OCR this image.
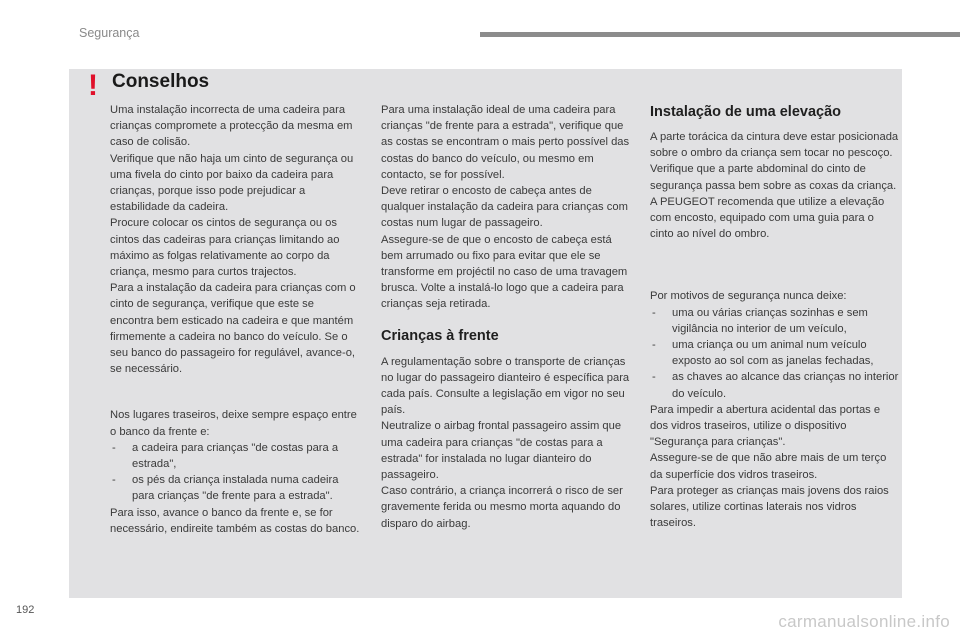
Segurança
! Conselhos

Uma instalação incorrecta de uma cadeira para crianças compromete a protecção da mesma em caso de colisão.

Verifique que não haja um cinto de segurança ou uma fivela do cinto por baixo da cadeira para crianças, porque isso pode prejudicar a estabilidade da cadeira.

Procure colocar os cintos de segurança ou os cintos das cadeiras para crianças limitando ao máximo as folgas relativamente ao corpo da criança, mesmo para curtos trajectos.

Para a instalação da cadeira para crianças com o cinto de segurança, verifique que este se encontra bem esticado na cadeira e que mantém firmemente a cadeira no banco do veículo. Se o seu banco do passageiro for regulável, avance-o, se necessário.

Nos lugares traseiros, deixe sempre espaço entre o banco da frente e:

- a cadeira para crianças "de costas para a estrada",
- os pés da criança instalada numa cadeira para crianças "de frente para a estrada".

Para isso, avance o banco da frente e, se for necessário, endireite também as costas do banco.

Para uma instalação ideal de uma cadeira para crianças "de frente para a estrada", verifique que as costas se encontram o mais perto possível das costas do banco do veículo, ou mesmo em contacto, se for possível.

Deve retirar o encosto de cabeça antes de qualquer instalação da cadeira para crianças com costas num lugar de passageiro.

Assegure-se de que o encosto de cabeça está bem arrumado ou fixo para evitar que ele se transforme em projéctil no caso de uma travagem brusca. Volte a instalá-lo logo que a cadeira para crianças seja retirada.

Crianças à frente

A regulamentação sobre o transporte de crianças no lugar do passageiro dianteiro é específica para cada país. Consulte a legislação em vigor no seu país.

Neutralize o airbag frontal passageiro assim que uma cadeira para crianças "de costas para a estrada" for instalada no lugar dianteiro do passageiro.

Caso contrário, a criança incorrerá o risco de ser gravemente ferida ou mesmo morta aquando do disparo do airbag.

Instalação de uma elevação

A parte torácica da cintura deve estar posicionada sobre o ombro da criança sem tocar no pescoço.

Verifique que a parte abdominal do cinto de segurança passa bem sobre as coxas da criança.

A PEUGEOT recomenda que utilize a elevação com encosto, equipado com uma guia para o cinto ao nível do ombro.

Por motivos de segurança nunca deixe:

- uma ou várias crianças sozinhas e sem vigilância no interior de um veículo,
- uma criança ou um animal num veículo exposto ao sol com as janelas fechadas,
- as chaves ao alcance das crianças no interior do veículo.

Para impedir a abertura acidental das portas e dos vidros traseiros, utilize o dispositivo "Segurança para crianças".

Assegure-se de que não abre mais de um terço da superfície dos vidros traseiros.

Para proteger as crianças mais jovens dos raios solares, utilize cortinas laterais nos vidros traseiros.

192
carmanualsonline.info
